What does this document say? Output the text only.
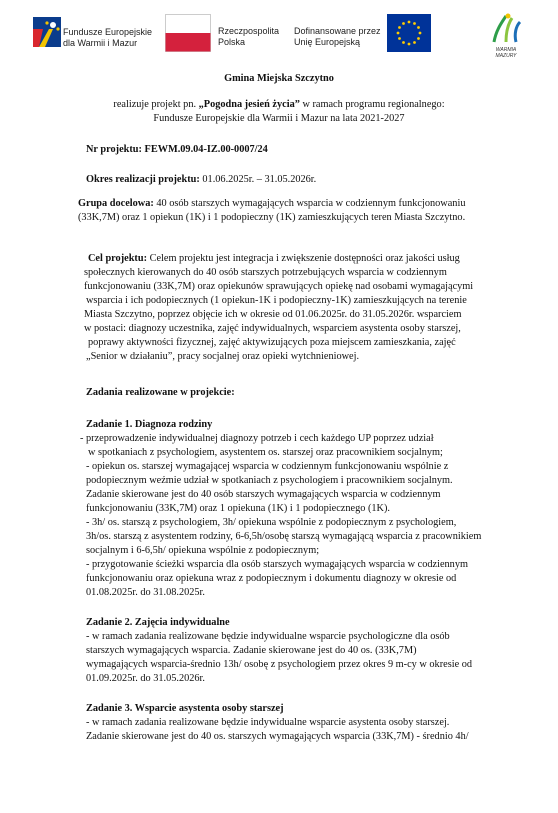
Fundusze Europejskie
dla Warmii i Mazur
Rzeczpospolita
Polska
Dofinansowane przez
Unię Europejską
WARMIA MAZURY
Gmina Miejska Szczytno
realizuje projekt pn. „Pogodna jesień życia” w ramach programu regionalnego:
Fundusze Europejskie dla Warmii i Mazur na lata 2021-2027
Nr projektu: FEWM.09.04-IZ.00-0007/24
Okres realizacji projektu: 01.06.2025r. – 31.05.2026r.
Grupa docelowa: 40 osób starszych wymagających wsparcia w codziennym funkcjonowaniu
(33K,7M) oraz 1 opiekun (1K) i 1 podopieczny (1K) zamieszkujących teren Miasta Szczytno.
Cel projektu: Celem projektu jest integracja i zwiększenie dostępności oraz jakości usług
społecznych kierowanych do 40 osób starszych potrzebujących wsparcia w codziennym
funkcjonowaniu (33K,7M) oraz opiekunów sprawujących opiekę nad osobami wymagającymi
wsparcia i ich podopiecznych (1 opiekun-1K i podopieczny-1K) zamieszkujących na terenie
Miasta Szczytno, poprzez objęcie ich w okresie od 01.06.2025r. do 31.05.2026r. wsparciem
w postaci: diagnozy uczestnika, zajęć indywidualnych, wsparciem asystenta osoby starszej,
poprawy aktywności fizycznej, zajęć aktywizujących poza miejscem zamieszkania, zajęć
„Senior w działaniu”, pracy socjalnej oraz opieki wytchnieniowej.
Zadania realizowane w projekcie:
Zadanie 1. Diagnoza rodziny
- przeprowadzenie indywidualnej diagnozy potrzeb i cech każdego UP poprzez udział
w spotkaniach z psychologiem, asystentem os. starszej oraz pracownikiem socjalnym;
- opiekun os. starszej wymagającej wsparcia w codziennym funkcjonowaniu wspólnie z
podopiecznym weźmie udział w spotkaniach z psychologiem i pracownikiem socjalnym.
Zadanie skierowane jest do 40 osób starszych wymagających wsparcia w codziennym
funkcjonowaniu (33K,7M) oraz 1 opiekuna (1K) i 1 podopiecznego (1K).
- 3h/ os. starszą z psychologiem, 3h/ opiekuna wspólnie z podopiecznym z psychologiem,
3h/os. starszą z asystentem rodziny, 6-6,5h/osobę starszą wymagającą wsparcia z pracownikiem
socjalnym i 6-6,5h/ opiekuna wspólnie z podopiecznym;
- przygotowanie ścieżki wsparcia dla osób starszych wymagających wsparcia w codziennym
funkcjonowaniu oraz opiekuna wraz z podopiecznym i dokumentu diagnozy w okresie od
01.08.2025r. do 31.08.2025r.
Zadanie 2. Zajęcia indywidualne
- w ramach zadania realizowane będzie indywidualne wsparcie psychologiczne dla osób
starszych wymagających wsparcia. Zadanie skierowane jest do 40 os. (33K,7M)
wymagających wsparcia-średnio 13h/ osobę z psychologiem przez okres 9 m-cy w okresie od
01.09.2025r. do 31.05.2026r.
Zadanie 3. Wsparcie asystenta osoby starszej
- w ramach zadania realizowane będzie indywidualne wsparcie asystenta osoby starszej.
Zadanie skierowane jest do 40 os. starszych wymagających wsparcia (33K,7M) - średnio 4h/
